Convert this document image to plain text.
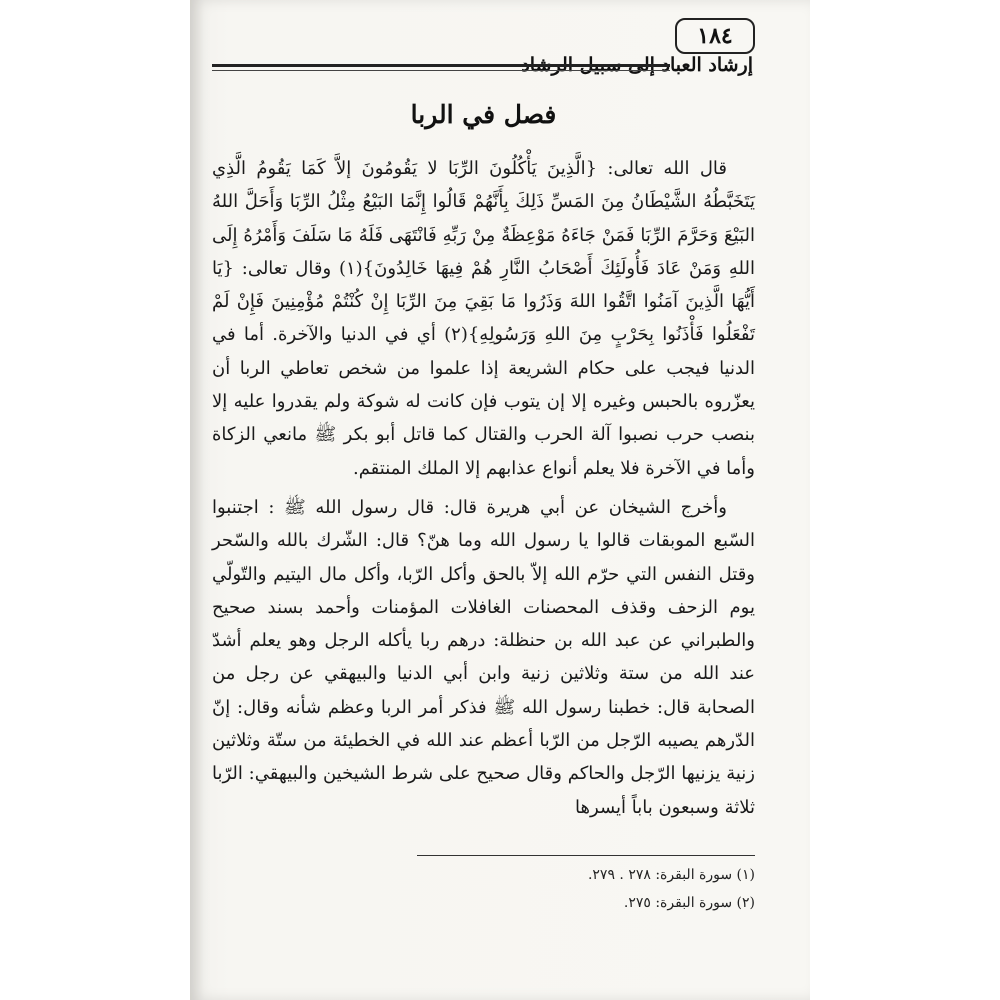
١٨٤
إرشاد العباد إلى سبيل الرشاد
فصل في الربا

قال الله تعالى: {الَّذِينَ يَأْكُلُونَ الرِّبَا لا يَقُومُونَ إلاَّ كَمَا يَقُومُ الَّذِي يَتَخَبَّطُهُ الشَّيْطَانُ مِنَ المَسِّ ذَلِكَ بِأَنَّهُمْ قَالُوا إِنَّمَا البَيْعُ مِثْلُ الرِّبَا وَأَحَلَّ اللهُ البَيْعَ وَحَرَّمَ الرِّبَا فَمَنْ جَاءَهُ مَوْعِظَةٌ مِنْ رَبِّهِ فَانْتَهَى فَلَهُ مَا سَلَفَ وَأَمْرُهُ إِلَى اللهِ وَمَنْ عَادَ فَأُولَئِكَ أَصْحَابُ النَّارِ هُمْ فِيهَا خَالِدُونَ}(١) وقال تعالى: {يَا أَيُّهَا الَّذِينَ آمَنُوا اتَّقُوا اللهَ وَذَرُوا مَا بَقِيَ مِنَ الرِّبَا إِنْ كُنْتُمْ مُؤْمِنِينَ فَإِنْ لَمْ تَفْعَلُوا فَأْذَنُوا بِحَرْبٍ مِنَ اللهِ وَرَسُولِهِ}(٢) أي في الدنيا والآخرة. أما في الدنيا فيجب على حكام الشريعة إذا علموا من شخص تعاطي الربا أن يعزّروه بالحبس وغيره إلا إن يتوب فإن كانت له شوكة ولم يقدروا عليه إلا بنصب حرب نصبوا آلة الحرب والقتال كما قاتل أبو بكر ﷺ مانعي الزكاة وأما في الآخرة فلا يعلم أنواع عذابهم إلا الملك المنتقم.

وأخرج الشيخان عن أبي هريرة قال: قال رسول الله ﷺ : اجتنبوا السّبع الموبقات قالوا يا رسول الله وما هنّ؟ قال: الشّرك بالله والسّحر وقتل النفس التي حرّم الله إلاّ بالحق وأكل الرّبا، وأكل مال اليتيم والتّولّي يوم الزحف وقذف المحصنات الغافلات المؤمنات وأحمد بسند صحيح والطبراني عن عبد الله بن حنظلة: درهم ربا يأكله الرجل وهو يعلم أشدّ عند الله من ستة وثلاثين زنية وابن أبي الدنيا والبيهقي عن رجل من الصحابة قال: خطبنا رسول الله ﷺ فذكر أمر الربا وعظم شأنه وقال: إنّ الدّرهم يصيبه الرّجل من الرّبا أعظم عند الله في الخطيئة من ستّة وثلاثين زنية يزنيها الرّجل والحاكم وقال صحيح على شرط الشيخين والبيهقي: الرّبا ثلاثة وسبعون باباً أيسرها

(١) سورة البقرة: ٢٧٨ . ٢٧٩.
(٢) سورة البقرة: ٢٧٥.
